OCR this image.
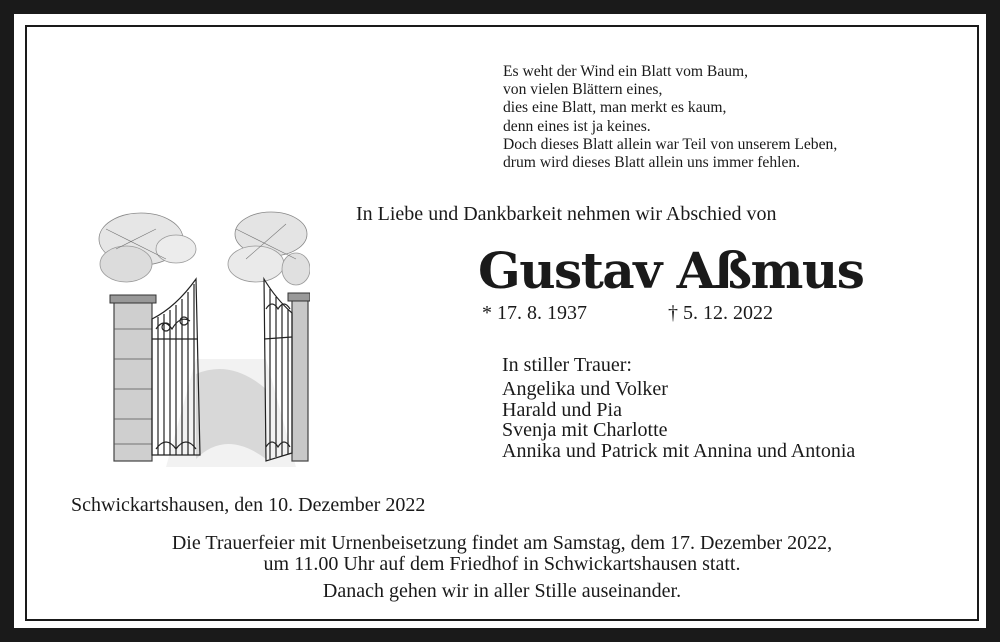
Es weht der Wind ein Blatt vom Baum,
von vielen Blättern eines,
dies eine Blatt, man merkt es kaum,
denn eines ist ja keines.
Doch dieses Blatt allein war Teil von unserem Leben,
drum wird dieses Blatt allein uns immer fehlen.
In Liebe und Dankbarkeit nehmen wir Abschied von
Gustav Aßmus
* 17. 8. 1937	† 5. 12. 2022
In stiller Trauer:
Angelika und Volker
Harald und Pia
Svenja mit Charlotte
Annika und Patrick mit Annina und Antonia
Schwickartshausen, den 10. Dezember 2022
Die Trauerfeier mit Urnenbeisetzung findet am Samstag, dem 17. Dezember 2022,
um 11.00 Uhr auf dem Friedhof in Schwickartshausen statt.
Danach gehen wir in aller Stille auseinander.
